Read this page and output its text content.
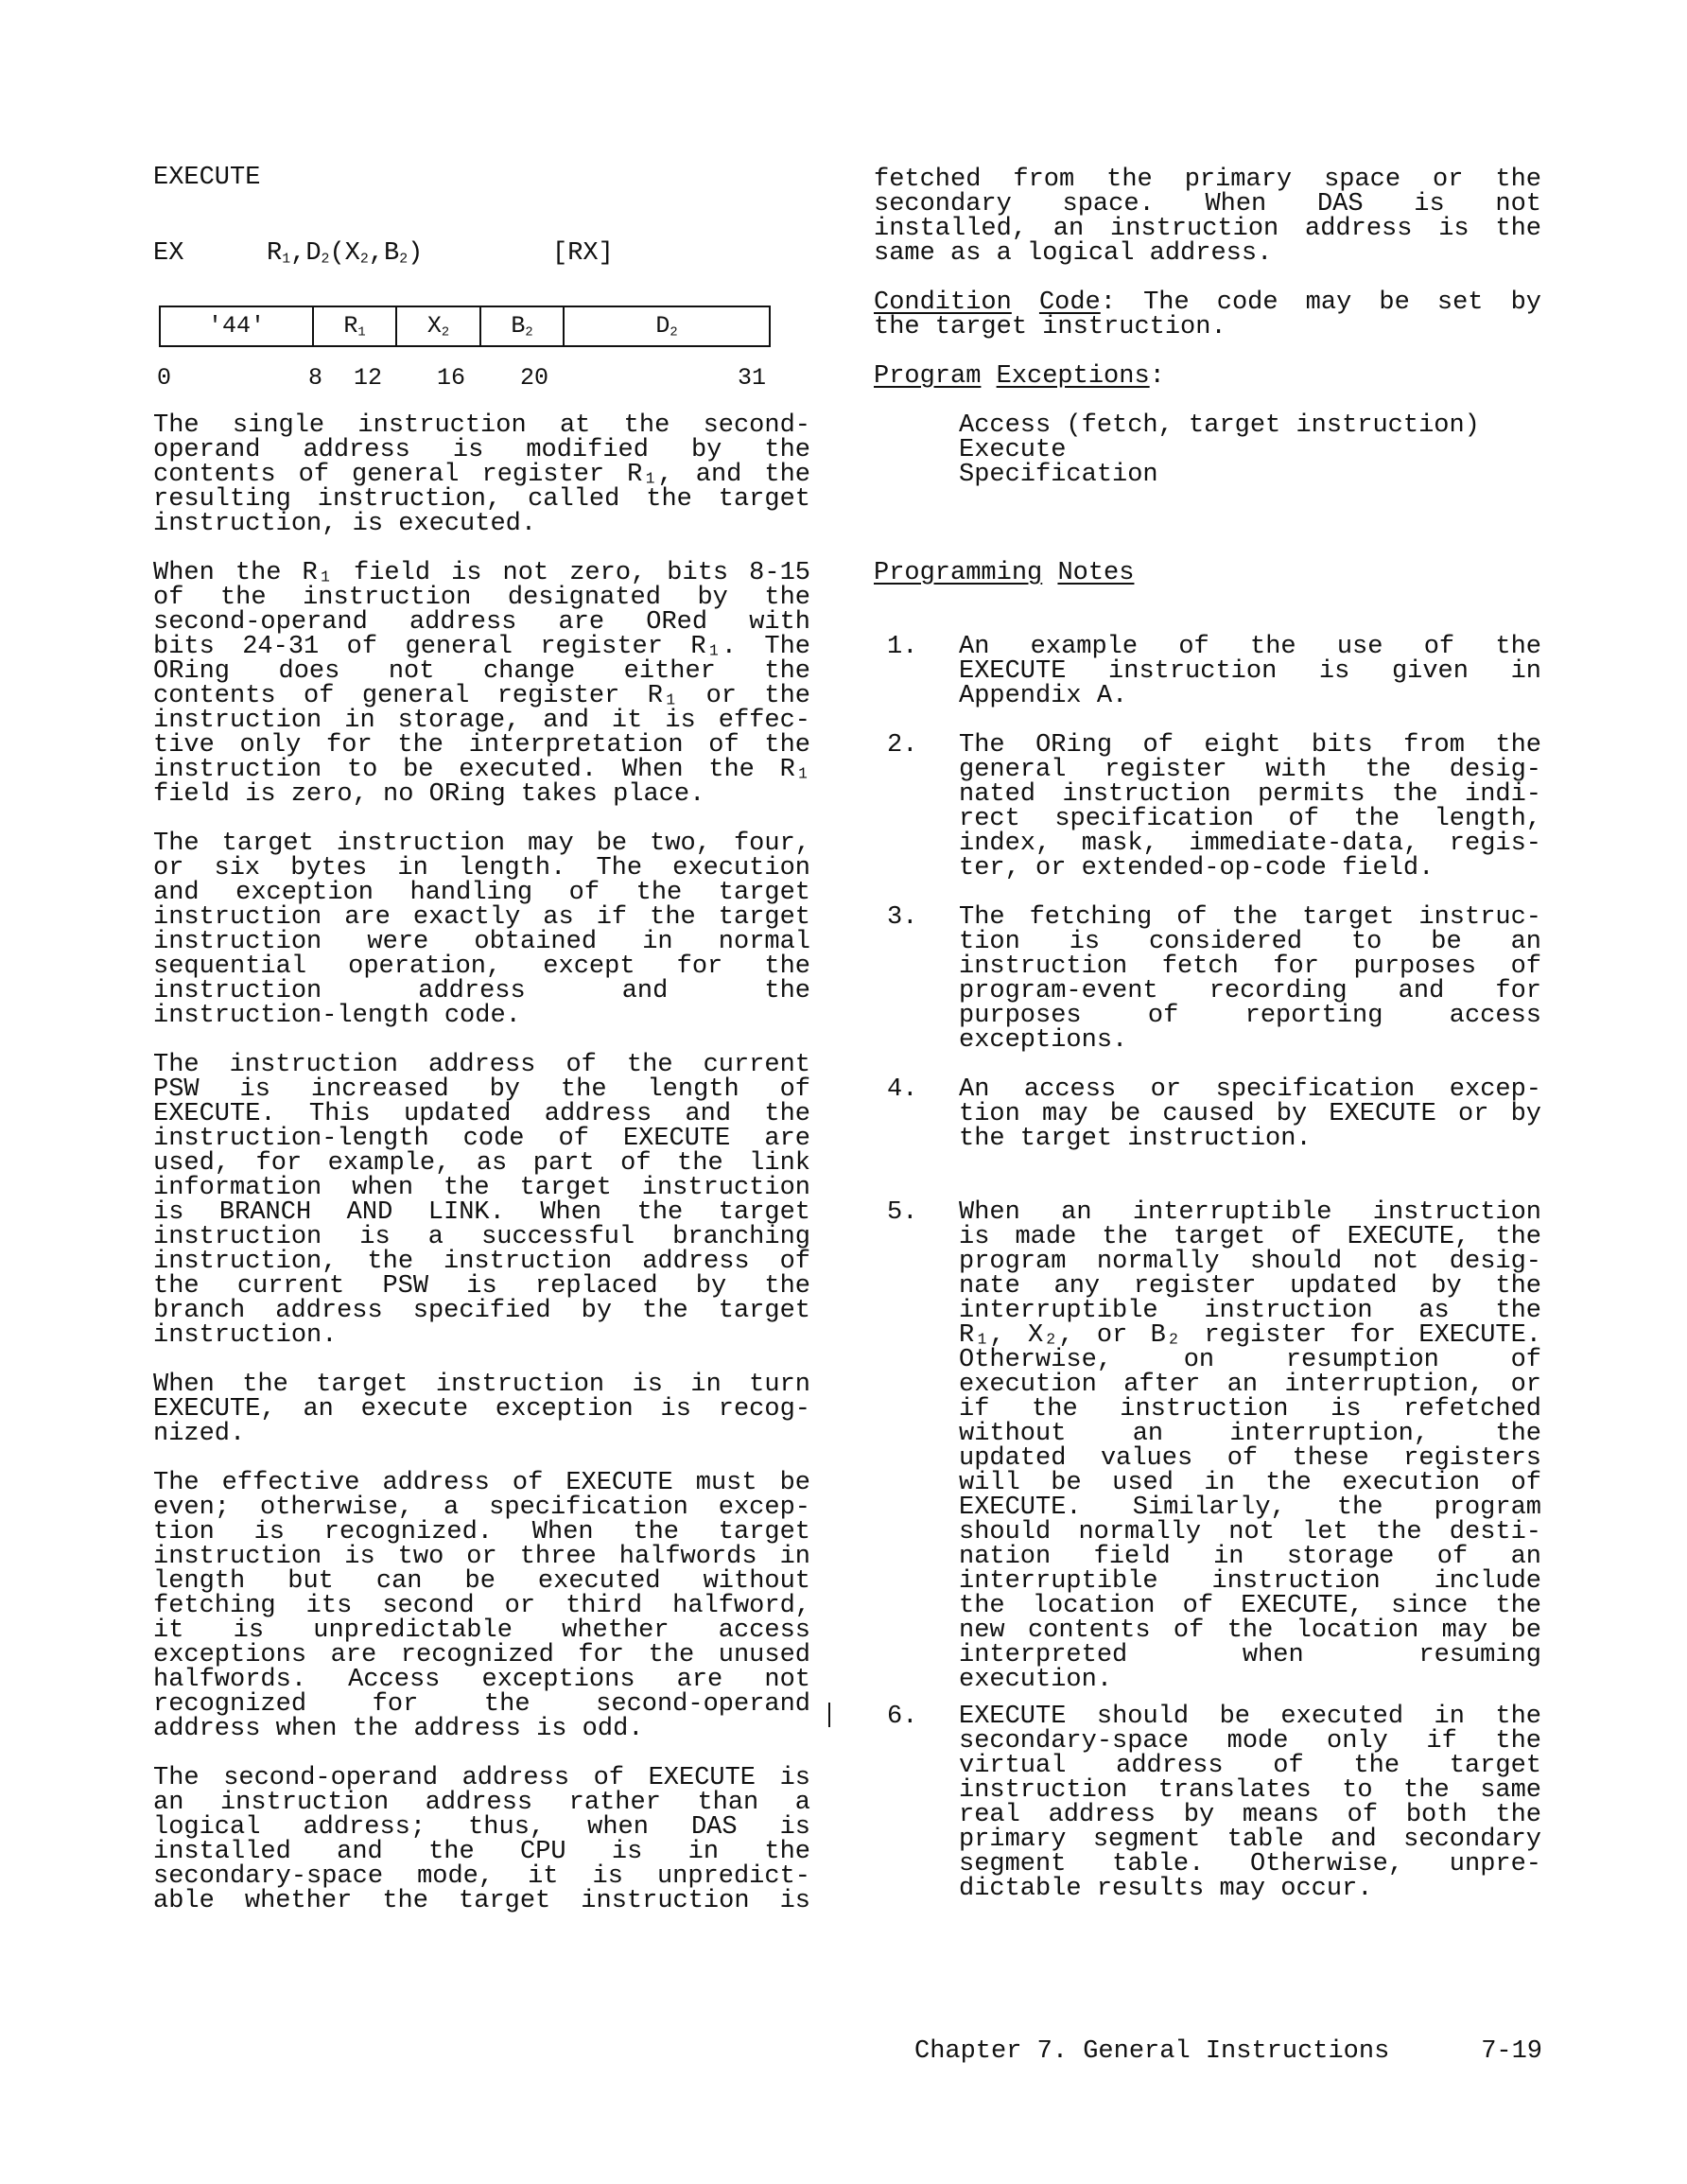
EXECUTE
EX	$R_1,D_2(X_2,B_2)$	[RX]
'44'	$R_1$	$X_2$	$B_2$	$D_2$
0	8 12 16 20	31
The single instruction at the second-
operand address is modified by the
contents of general register R₁, and the
resulting instruction, called the target
instruction, is executed.
When the R₁ field is not zero, bits 8-15
of the instruction designated by the
second-operand address are ORed with
bits 24-31 of general register R₁. The
ORing does not change either the
contents of general register R₁ or the
instruction in storage, and it is effec-
tive only for the interpretation of the
instruction to be executed. When the R₁
field is zero, no ORing takes place.
The target instruction may be two, four,
or six bytes in length. The execution
and exception handling of the target
instruction are exactly as if the target
instruction were obtained in normal
sequential operation, except for the
instruction address and the
instruction-length code.
The instruction address of the current
PSW is increased by the length of
EXECUTE. This updated address and the
instruction-length code of EXECUTE are
used, for example, as part of the link
information when the target instruction
is BRANCH AND LINK. When the target
instruction is a successful branching
instruction, the instruction address of
the current PSW is replaced by the
branch address specified by the target
instruction.
When the target instruction is in turn
EXECUTE, an execute exception is recog-
nized.
The effective address of EXECUTE must be
even; otherwise, a specification excep-
tion is recognized. When the target
instruction is two or three halfwords in
length but can be executed without
fetching its second or third halfword,
it is unpredictable whether access
exceptions are recognized for the unused
halfwords. Access exceptions are not
recognized for the second-operand
address when the address is odd.
The second-operand address of EXECUTE is
an instruction address rather than a
logical address; thus, when DAS is
installed and the CPU is in the
secondary-space mode, it is unpredict-
able whether the target instruction is
fetched from the primary space or the
secondary space. When DAS is not
installed, an instruction address is the
same as a logical address.
Condition Code: The code may be set by
the target instruction.
Program Exceptions:
Access (fetch, target instruction)
Execute
Specification
Programming Notes
1. An example of the use of the
EXECUTE instruction is given in
Appendix A.
2. The ORing of eight bits from the
general register with the desig-
nated instruction permits the indi-
rect specification of the length,
index, mask, immediate-data, regis-
ter, or extended-op-code field.
3. The fetching of the target instruc-
tion is considered to be an
instruction fetch for purposes of
program-event recording and for
purposes of reporting access
exceptions.
4. An access or specification excep-
tion may be caused by EXECUTE or by
the target instruction.
5. When an interruptible instruction
is made the target of EXECUTE, the
program normally should not desig-
nate any register updated by the
interruptible instruction as the
R₁, X₂, or B₂ register for EXECUTE.
Otherwise, on resumption of
execution after an interruption, or
if the instruction is refetched
without an interruption, the
updated values of these registers
will be used in the execution of
EXECUTE. Similarly, the program
should normally not let the desti-
nation field in storage of an
interruptible instruction include
the location of EXECUTE, since the
new contents of the location may be
interpreted when resuming
execution.
6. EXECUTE should be executed in the
secondary-space mode only if the
virtual address of the target
instruction translates to the same
real address by means of both the
primary segment table and secondary
segment table. Otherwise, unpre-
dictable results may occur.
Chapter 7. General Instructions	7-19
